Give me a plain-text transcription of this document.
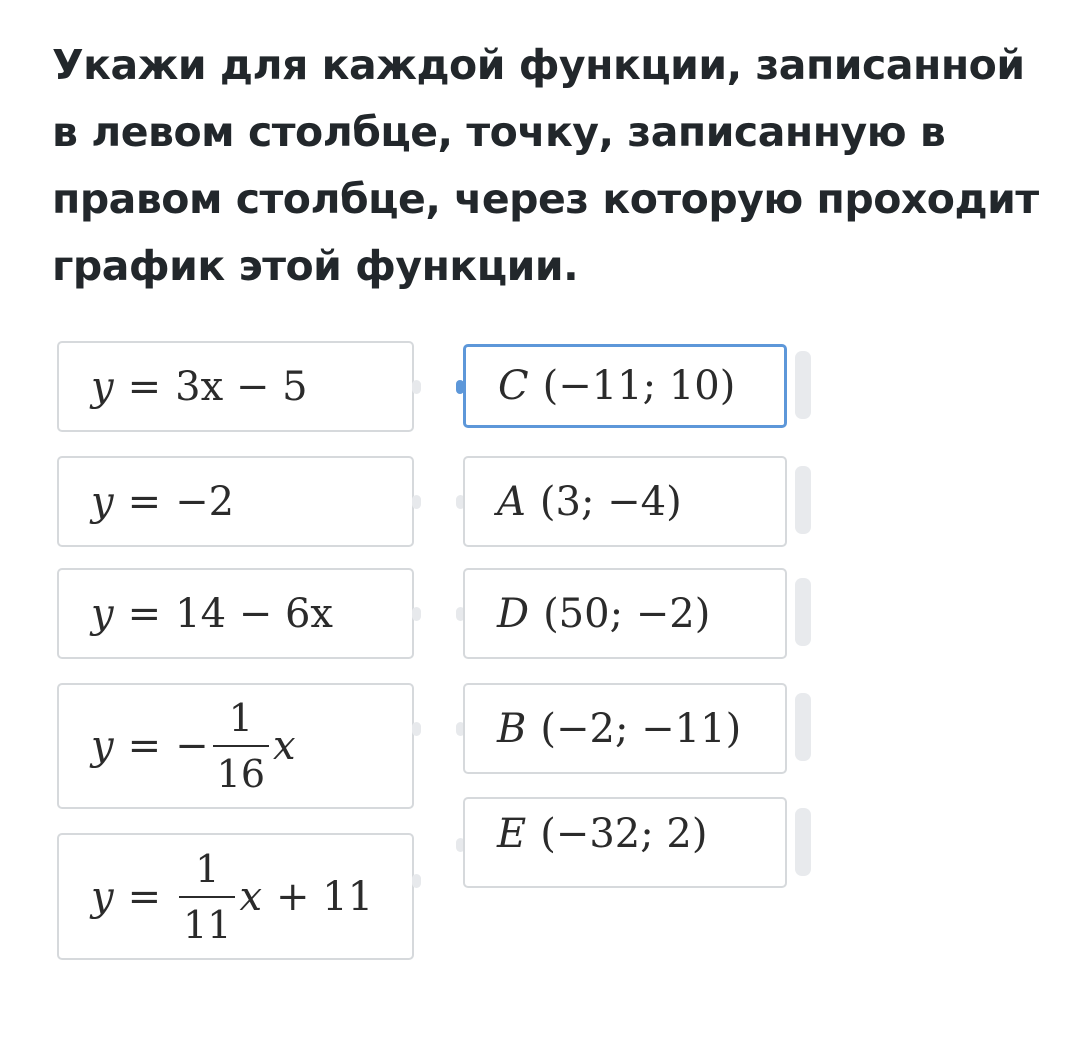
Укажи для каждой функции, записанной в левом столбце, точку, записанную в правом столбце, через которую проходит график этой функции.
y = 3x − 5
y = −2
y = 14 − 6x
y = − $\frac{1}{16}$ x
$y = \frac{1}{11}$ x + 11
C (−11; 10)
A (3; −4)
D (50; −2)
B (−2; −11)
E (−32; 2)
